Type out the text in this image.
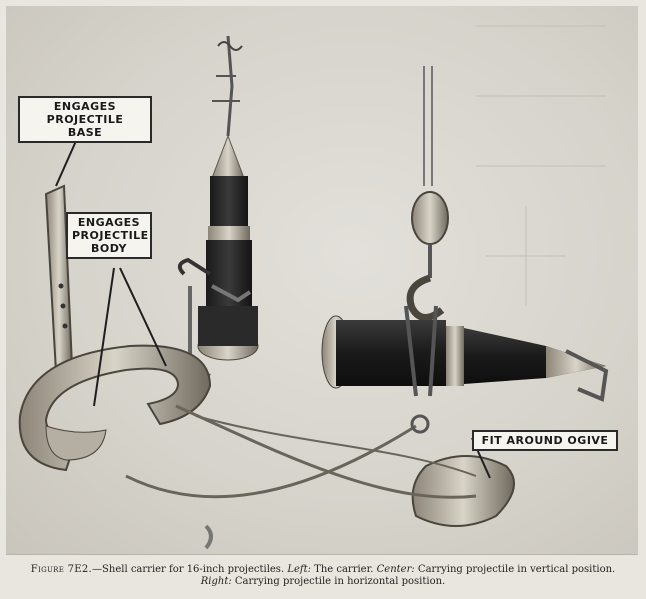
ENGAGES PROJECTILE
BASE
ENGAGES
PROJECTILE
BODY
FIT AROUND OGIVE
Figure 7E2.—Shell carrier for 16-inch projectiles. Left: The carrier. Center: Carrying projectile in vertical position.
Right: Carrying projectile in horizontal position.
